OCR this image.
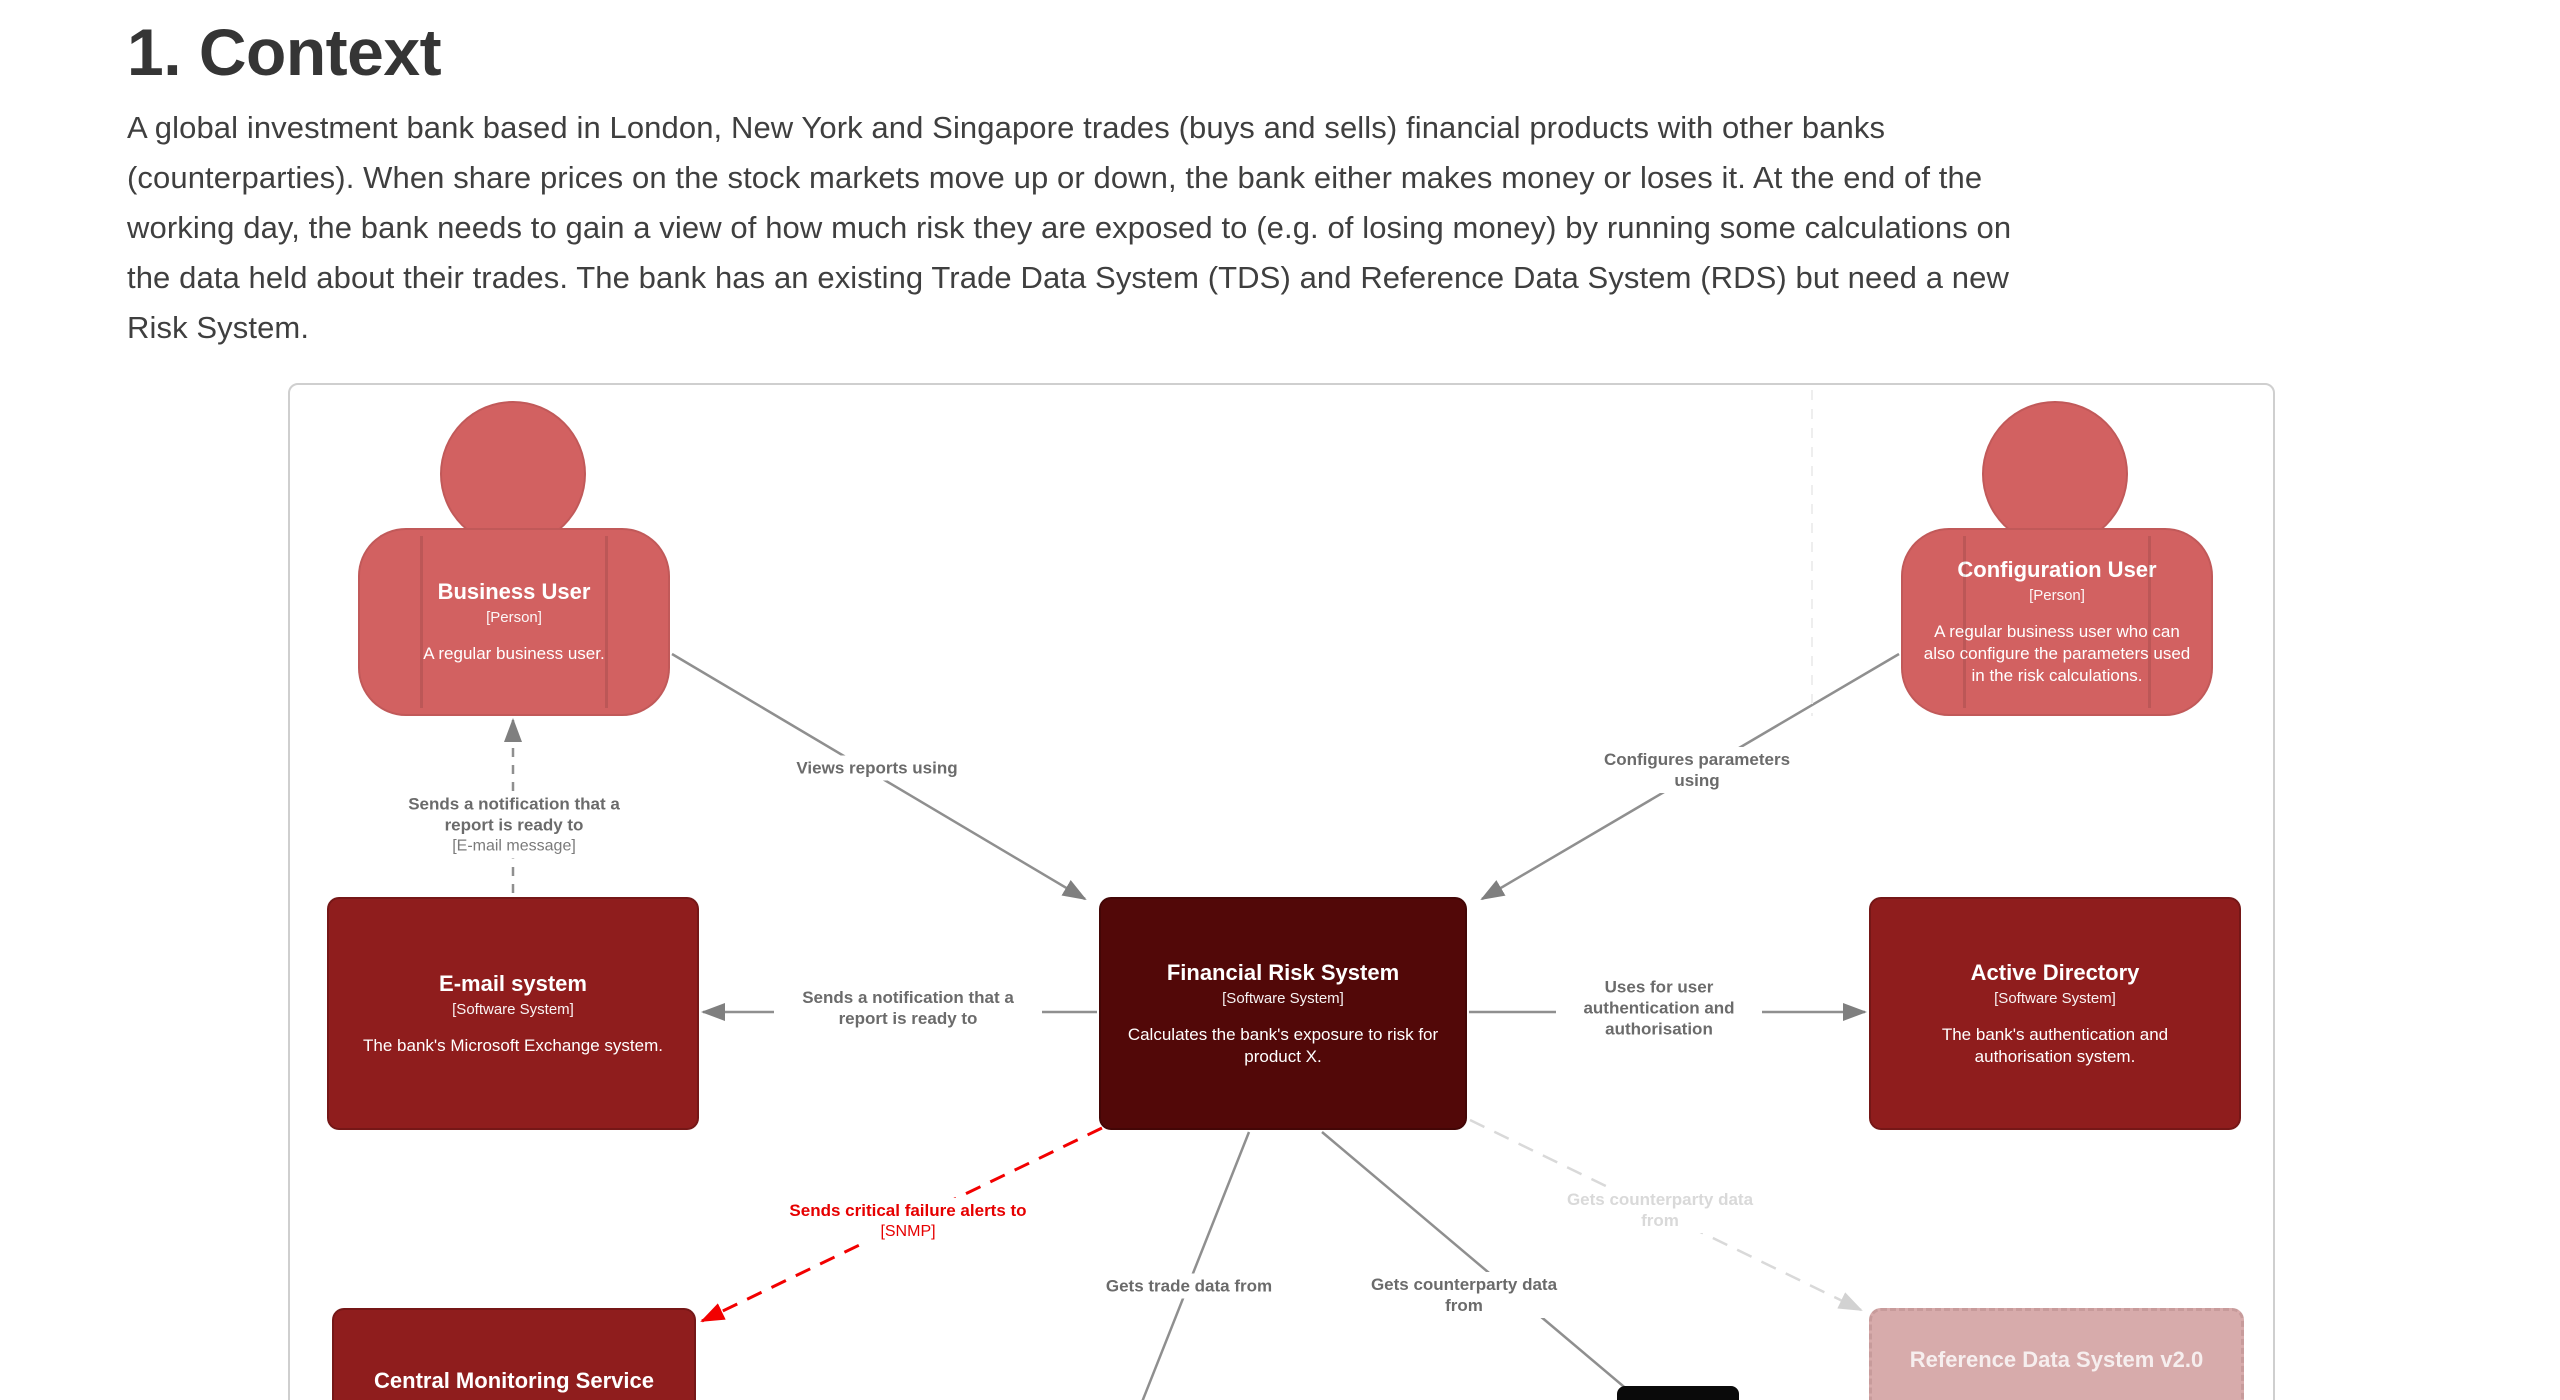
1. Context
A global investment bank based in London, New York and Singapore trades (buys and sells) financial products with other banks
(counterparties). When share prices on the stock markets move up or down, the bank either makes money or loses it. At the end of the
working day, the bank needs to gain a view of how much risk they are exposed to (e.g. of losing money) by running some calculations on
the data held about their trades. The bank has an existing Trade Data System (TDS) and Reference Data System (RDS) but need a new
Risk System.
Business User
[Person]
A regular business user.
Configuration User
[Person]
A regular business user who can also configure the parameters used in the risk calculations.
E-mail system
[Software System]
The bank's Microsoft Exchange system.
Financial Risk System
[Software System]
Calculates the bank's exposure to risk for product X.
Active Directory
[Software System]
The bank's authentication and authorisation system.
Central Monitoring Service
Reference Data System v2.0
Views reports using	Configures parameters using
Sends a notification that a report is ready to
[E-mail message]
Sends a notification that a report is ready to
Uses for user authentication and authorisation
Sends critical failure alerts to
[SNMP]
Gets trade data from	Gets counterparty data from
Gets counterparty data from
